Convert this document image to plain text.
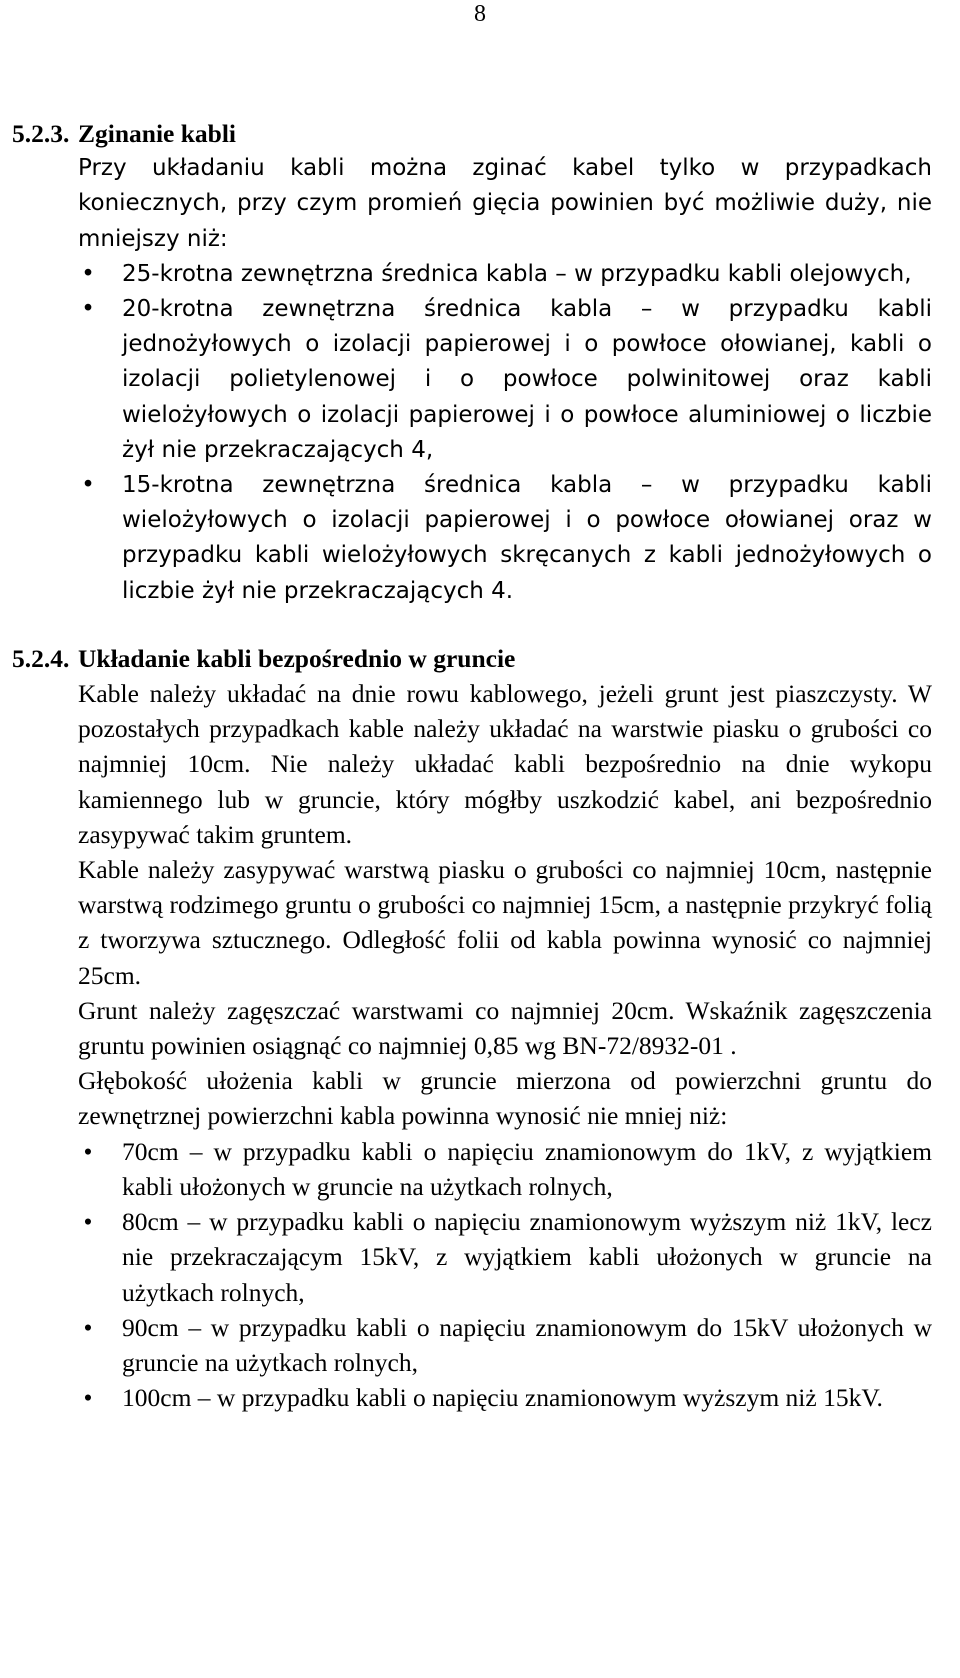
8
5.2.3. Zginanie kabli

Przy układaniu kabli można zginać kabel tylko w przypadkach koniecznych, przy czym promień gięcia powinien być możliwie duży, nie mniejszy niż:

• 25-krotna zewnętrzna średnica kabla – w przypadku kabli olejowych,
• 20-krotna zewnętrzna średnica kabla – w przypadku kabli jednożyłowych o izolacji papierowej i o powłoce ołowianej, kabli o izolacji polietylenowej i o powłoce polwinitowej oraz kabli wielożyłowych o izolacji papierowej i o powłoce aluminiowej o liczbie żył nie przekraczających 4,
• 15-krotna zewnętrzna średnica kabla – w przypadku kabli wielożyłowych o izolacji papierowej i o powłoce ołowianej oraz w przypadku kabli wielożyłowych skręcanych z kabli jednożyłowych o liczbie żył nie przekraczających 4.
5.2.4. Układanie kabli bezpośrednio w gruncie

Kable należy układać na dnie rowu kablowego, jeżeli grunt jest piaszczysty. W pozostałych przypadkach kable należy układać na warstwie piasku o grubości co najmniej 10cm. Nie należy układać kabli bezpośrednio na dnie wykopu kamiennego lub w gruncie, który mógłby uszkodzić kabel, ani bezpośrednio zasypywać takim gruntem.

Kable należy zasypywać warstwą piasku o grubości co najmniej 10cm, następnie warstwą rodzimego gruntu o grubości co najmniej 15cm, a następnie przykryć folią z tworzywa sztucznego. Odległość folii od kabla powinna wynosić co najmniej 25cm.

Grunt należy zagęszczać warstwami co najmniej 20cm. Wskaźnik zagęszczenia gruntu powinien osiągnąć co najmniej 0,85 wg BN-72/8932-01 .

Głębokość ułożenia kabli w gruncie mierzona od powierzchni gruntu do zewnętrznej powierzchni kabla powinna wynosić nie mniej niż:

• 70cm – w przypadku kabli o napięciu znamionowym do 1kV, z wyjątkiem kabli ułożonych w gruncie na użytkach rolnych,
• 80cm – w przypadku kabli o napięciu znamionowym wyższym niż 1kV, lecz nie przekraczającym 15kV, z wyjątkiem kabli ułożonych w gruncie na użytkach rolnych,
• 90cm – w przypadku kabli o napięciu znamionowym do 15kV ułożonych w gruncie na użytkach rolnych,
• 100cm – w przypadku kabli o napięciu znamionowym wyższym niż 15kV.
